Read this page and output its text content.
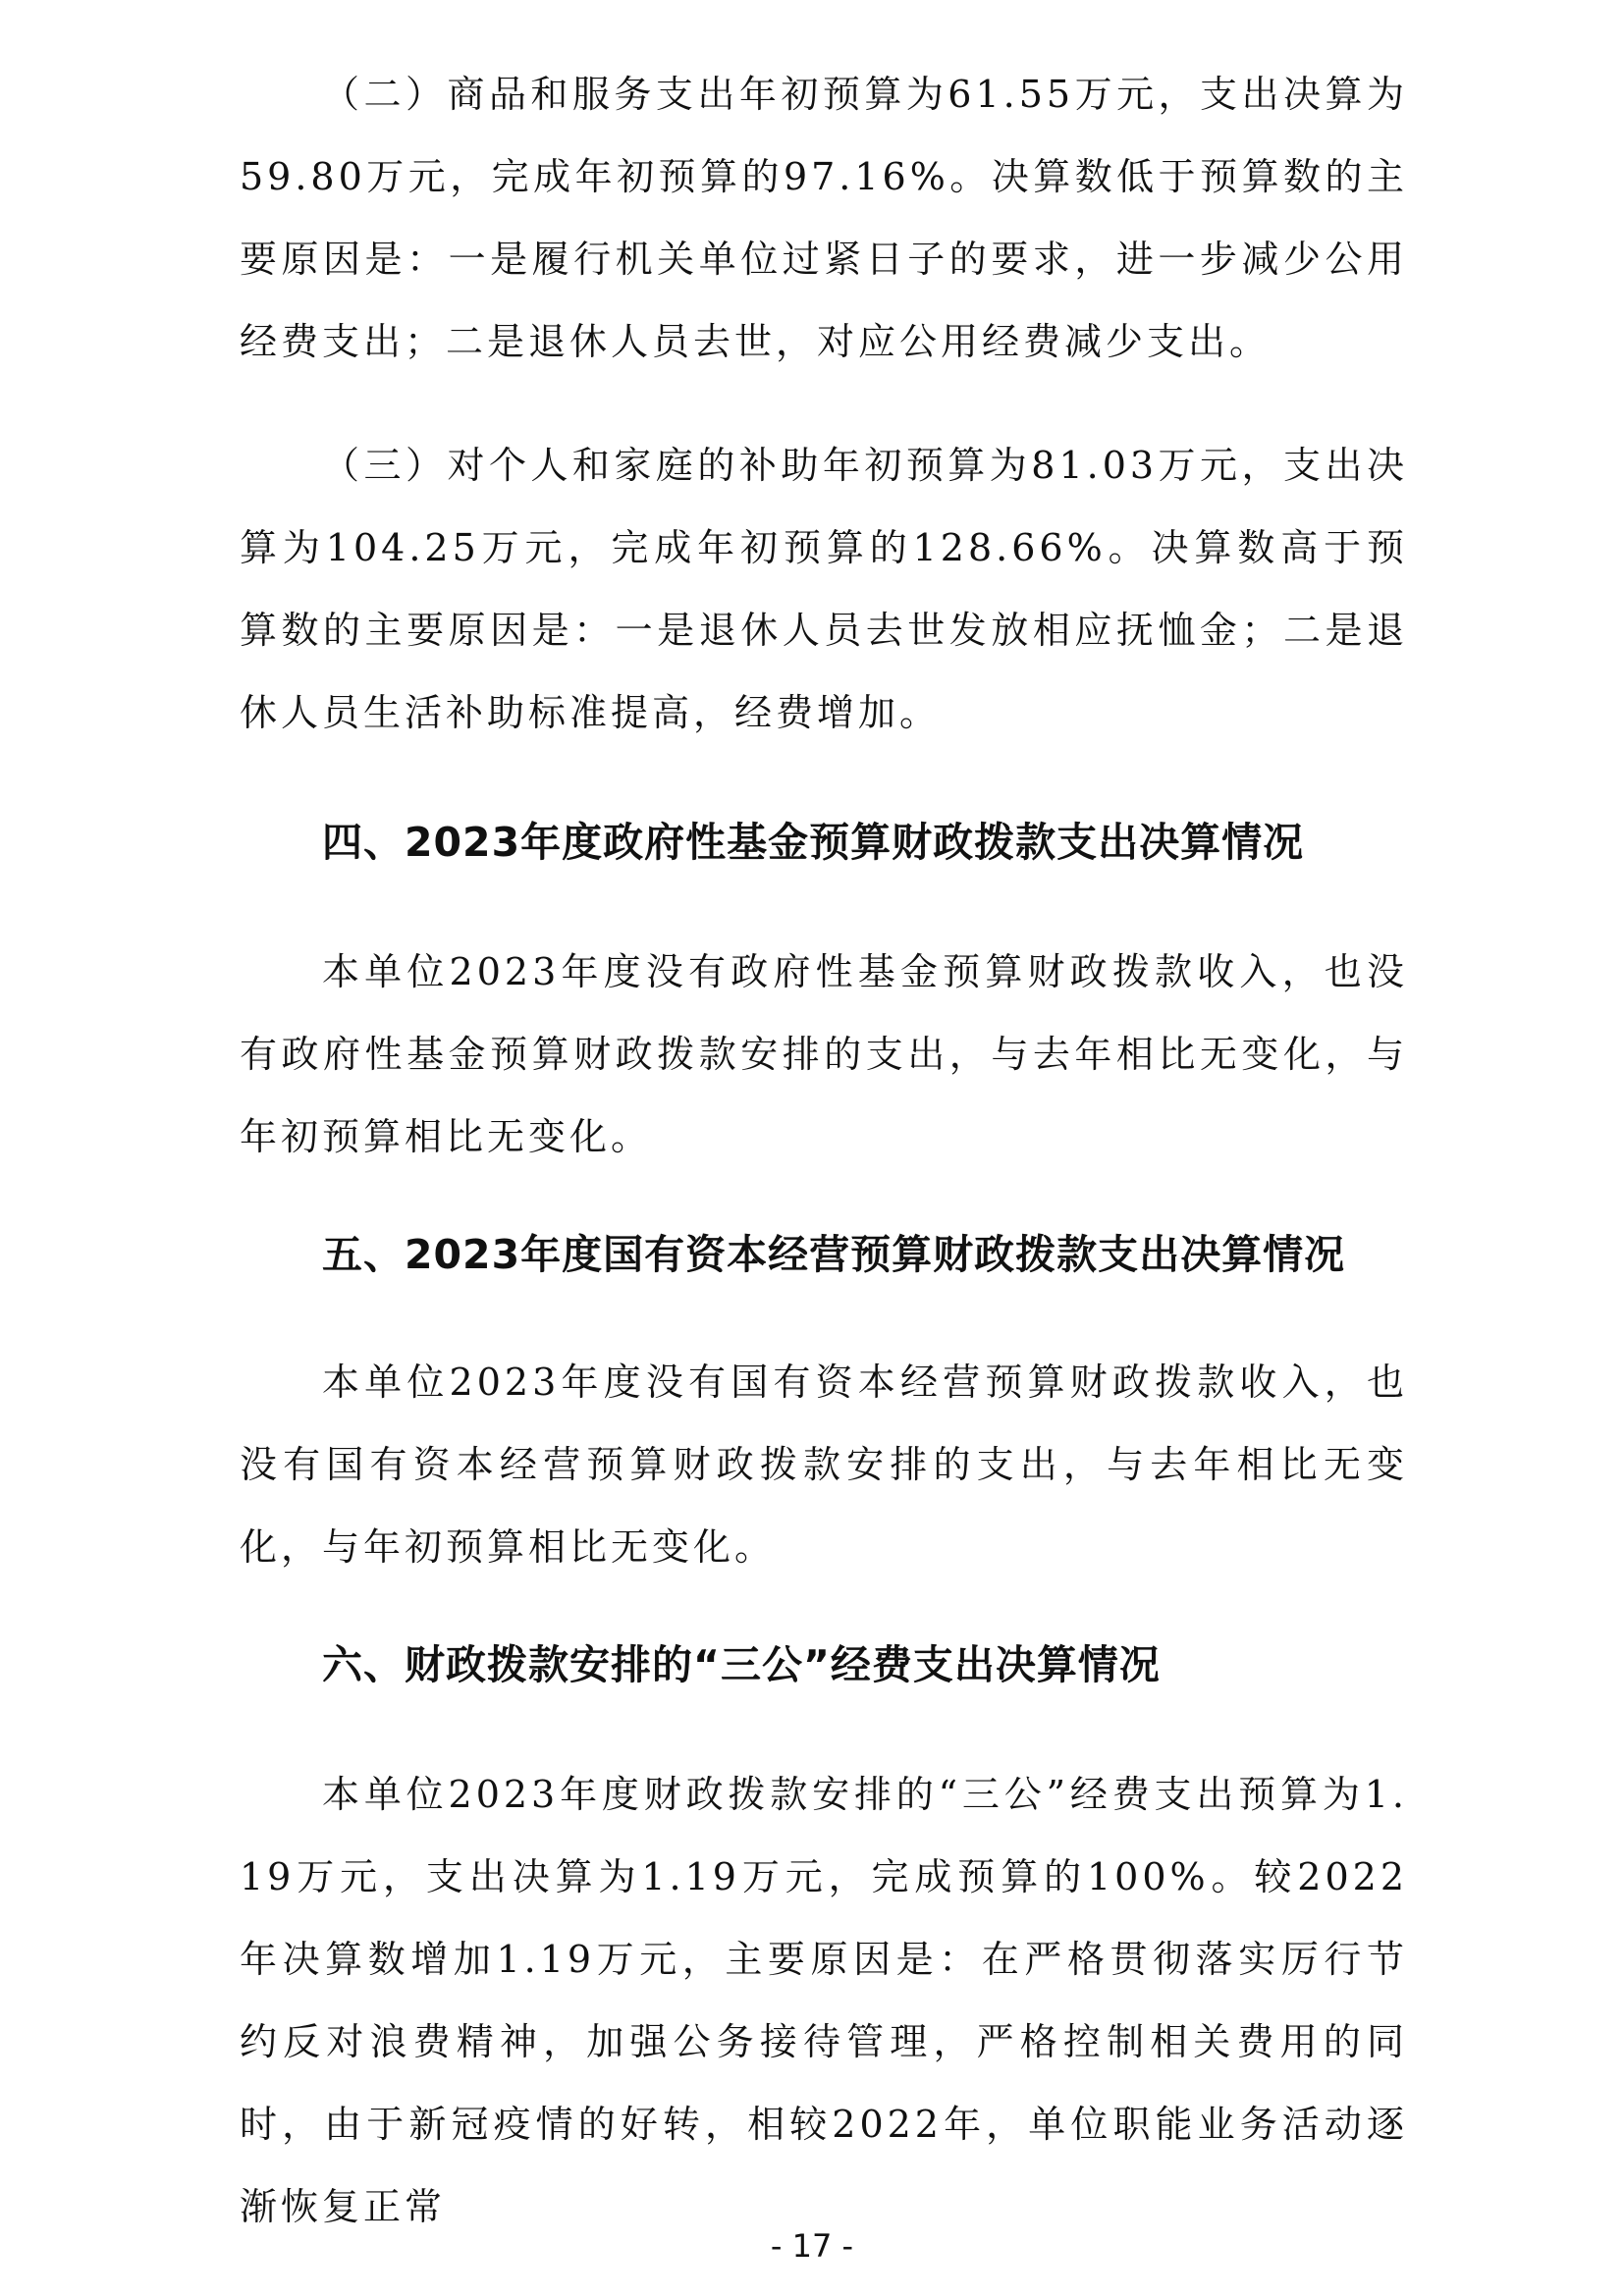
（二）商品和服务支出年初预算为61.55万元，支出决算为59.80万元，完成年初预算的97.16%。决算数低于预算数的主要原因是：一是履行机关单位过紧日子的要求，进一步减少公用经费支出；二是退休人员去世，对应公用经费减少支出。

（三）对个人和家庭的补助年初预算为81.03万元，支出决算为104.25万元，完成年初预算的128.66%。决算数高于预算数的主要原因是：一是退休人员去世发放相应抚恤金；二是退休人员生活补助标准提高，经费增加。

四、2023年度政府性基金预算财政拨款支出决算情况

本单位2023年度没有政府性基金预算财政拨款收入，也没有政府性基金预算财政拨款安排的支出，与去年相比无变化，与年初预算相比无变化。

五、2023年度国有资本经营预算财政拨款支出决算情况

本单位2023年度没有国有资本经营预算财政拨款收入，也没有国有资本经营预算财政拨款安排的支出，与去年相比无变化，与年初预算相比无变化。

六、财政拨款安排的“三公”经费支出决算情况

本单位2023年度财政拨款安排的“三公”经费支出预算为1.19万元，支出决算为1.19万元，完成预算的100%。较2022年决算数增加1.19万元，主要原因是：在严格贯彻落实厉行节约反对浪费精神，加强公务接待管理，严格控制相关费用的同时，由于新冠疫情的好转，相较2022年，单位职能业务活动逐渐恢复正常

- 17 -
